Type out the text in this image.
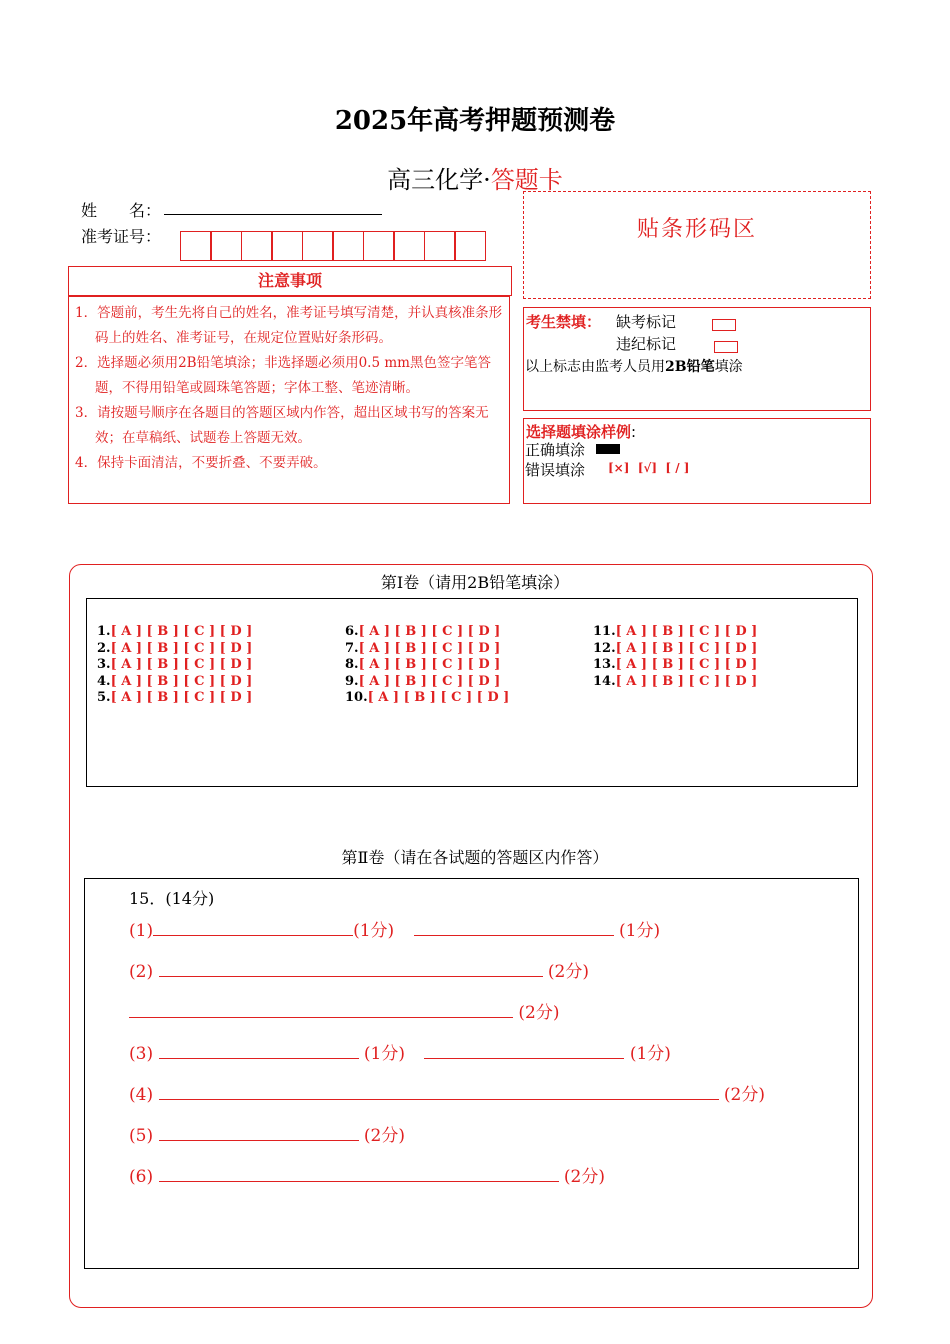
2025年高考押题预测卷
高三化学·答题卡
姓　　名：
准考证号：
注意事项
1．答题前，考生先将自己的姓名，准考证号填写清楚，并认真核准条形码上的姓名、准考证号，在规定位置贴好条形码。
2．选择题必须用2B铅笔填涂；非选择题必须用0.5 mm黑色签字笔答题，不得用铅笔或圆珠笔答题；字体工整、笔迹清晰。
3．请按题号顺序在各题目的答题区域内作答，超出区域书写的答案无效；在草稿纸、试题卷上答题无效。
4．保持卡面清洁，不要折叠、不要弄破。
贴条形码区
考生禁填： 缺考标记
违纪标记
以上标志由监考人员用2B铅笔填涂
选择题填涂样例:
正确填涂
错误填涂 [×]  [√]  [ / ]
第Ⅰ卷（请用2B铅笔填涂）
1.[ A ] [ B ] [ C ] [ D ]
2.[ A ] [ B ] [ C ] [ D ]
3.[ A ] [ B ] [ C ] [ D ]
4.[ A ] [ B ] [ C ] [ D ]
5.[ A ] [ B ] [ C ] [ D ]
6.[ A ] [ B ] [ C ] [ D ]
7.[ A ] [ B ] [ C ] [ D ]
8.[ A ] [ B ] [ C ] [ D ]
9.[ A ] [ B ] [ C ] [ D ]
10.[ A ] [ B ] [ C ] [ D ]
11.[ A ] [ B ] [ C ] [ D ]
12.[ A ] [ B ] [ C ] [ D ]
13.[ A ] [ B ] [ C ] [ D ]
14.[ A ] [ B ] [ C ] [ D ]
第Ⅱ卷（请在各试题的答题区内作答）
15．(14分)
(1)	(1分)	(1分)
(2)	(2分)
(2分)
(3)	(1分)	(1分)
(4)	(2分)
(5)	(2分)
(6)	(2分)
